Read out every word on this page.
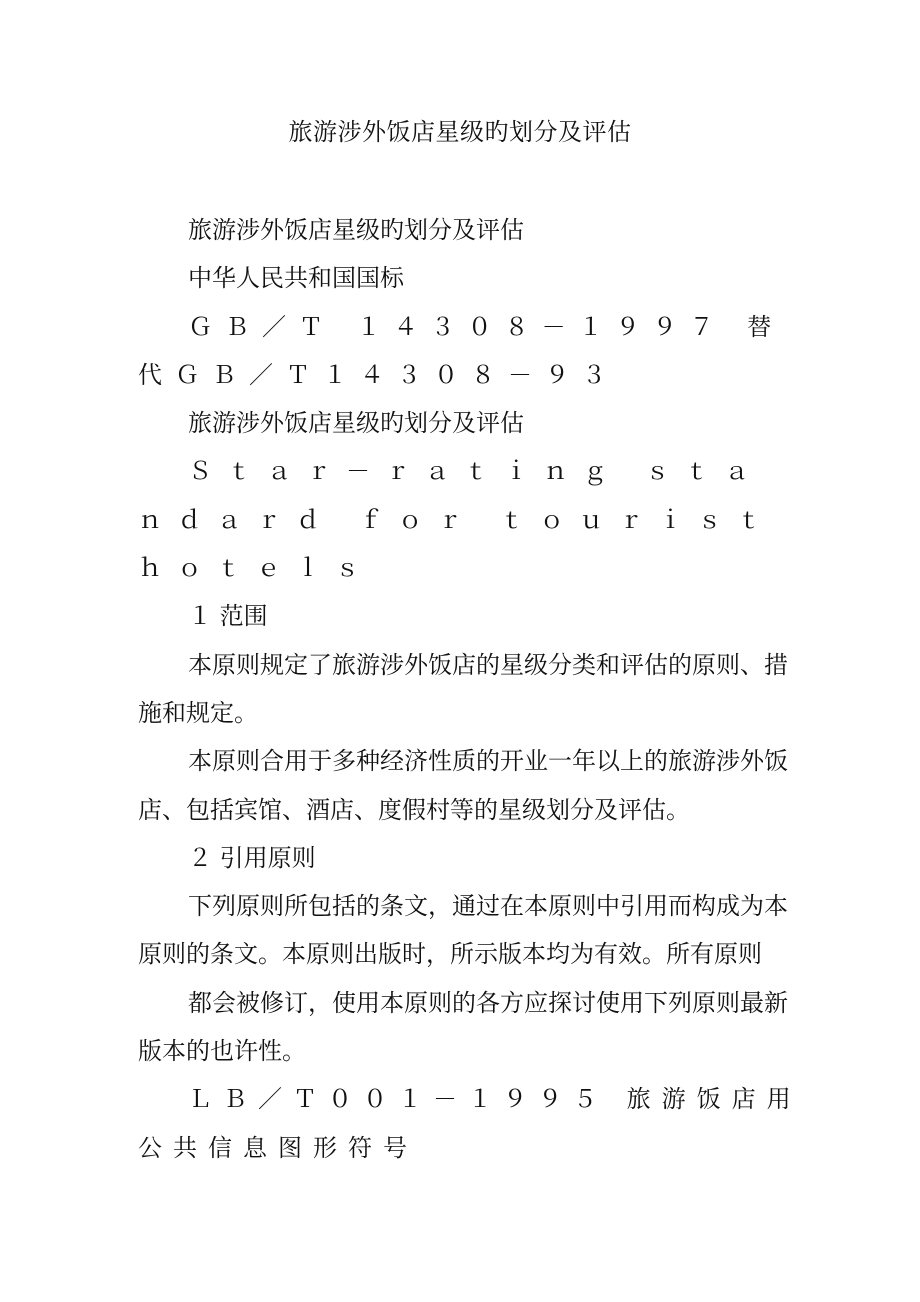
旅游涉外饭店星级旳划分及评估

旅游涉外饭店星级旳划分及评估

中华人民共和国国标

ＧＢ／Ｔ １４３０８－１９９７ 替代ＧＢ／Ｔ１４３０８－９３

旅游涉外饭店星级旳划分及评估

Ｓｔａｒ－ｒａｔｉｎｇ ｓｔａｎｄａｒｄ ｆｏｒ ｔｏｕｒｉｓｔ ｈｏｔｅｌｓ

１ 范围

本原则规定了旅游涉外饭店的星级分类和评估的原则、措施和规定。

本原则合用于多种经济性质的开业一年以上的旅游涉外饭店、包括宾馆、酒店、度假村等的星级划分及评估。

２ 引用原则

下列原则所包括的条文，通过在本原则中引用而构成为本原则的条文。本原则出版时，所示版本均为有效。所有原则

都会被修订，使用本原则的各方应探讨使用下列原则最新版本的也许性。

ＬＢ／Ｔ００１－１９９５ 旅游饭店用公共信息图形符号
